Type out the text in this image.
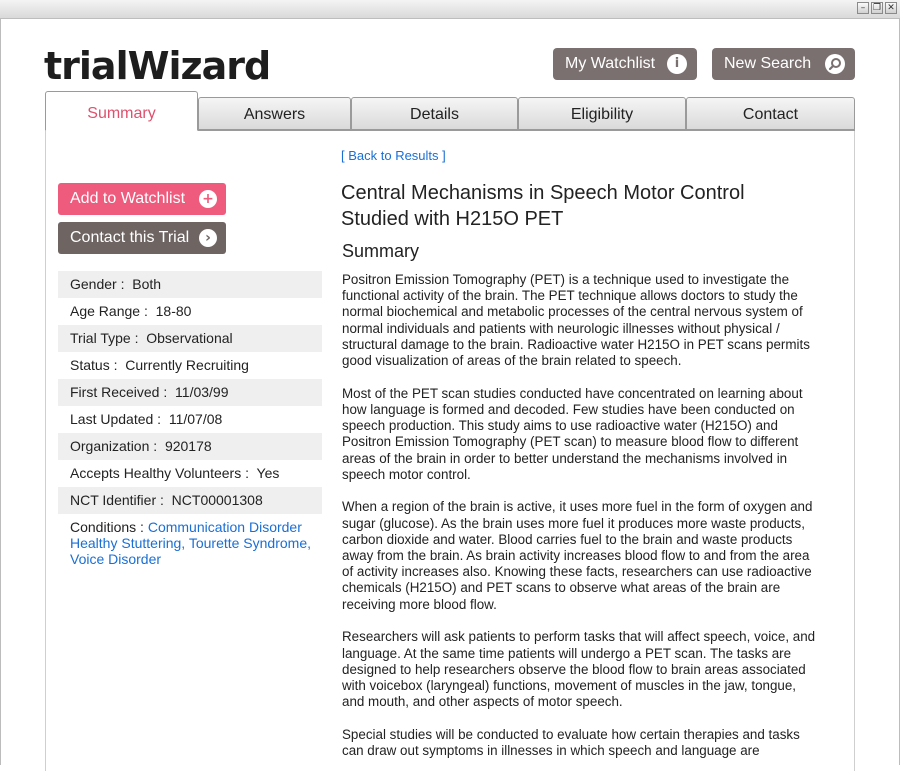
– ❐ ✕
trialWizard	My Watchlist	i	New Search
Answers	Details	Eligibility	Contact
Summary
Add to Watchlist +
Contact this Trial	›
Gender : Both
Age Range : 18-80
Trial Type : Observational
Status : Currently Recruiting
First Received : 11/03/99
Last Updated : 11/07/08
Organization : 920178
Accepts Healthy Volunteers : Yes
NCT Identifier : NCT00001308
Conditions : Communication Disorder
Healthy Stuttering, Tourette Syndrome,
Voice Disorder
[ Back to Results ]
Central Mechanisms in Speech Motor Control Studied with H215O PET
Summary

Positron Emission Tomography (PET) is a technique used to investigate the functional activity of the brain. The PET technique allows doctors to study the normal biochemical and metabolic processes of the central nervous system of normal individuals and patients with neurologic illnesses without physical / structural damage to the brain. Radioactive water H215O in PET scans permits good visualization of areas of the brain related to speech.

Most of the PET scan studies conducted have concentrated on learning about how language is formed and decoded. Few studies have been conducted on speech production. This study aims to use radioactive water (H215O) and Positron Emission Tomography (PET scan) to measure blood flow to different areas of the brain in order to better understand the mechanisms involved in speech motor control.

When a region of the brain is active, it uses more fuel in the form of oxygen and sugar (glucose). As the brain uses more fuel it produces more waste products, carbon dioxide and water. Blood carries fuel to the brain and waste products away from the brain. As brain activity increases blood flow to and from the area of activity increases also. Knowing these facts, researchers can use radioactive chemicals (H215O) and PET scans to observe what areas of the brain are receiving more blood flow.

Researchers will ask patients to perform tasks that will affect speech, voice, and language. At the same time patients will undergo a PET scan. The tasks are designed to help researchers observe the blood flow to brain areas associated with voicebox (laryngeal) functions, movement of muscles in the jaw, tongue, and mouth, and other aspects of motor speech.

Special studies will be conducted to evaluate how certain therapies and tasks can draw out symptoms in illnesses in which speech and language are
